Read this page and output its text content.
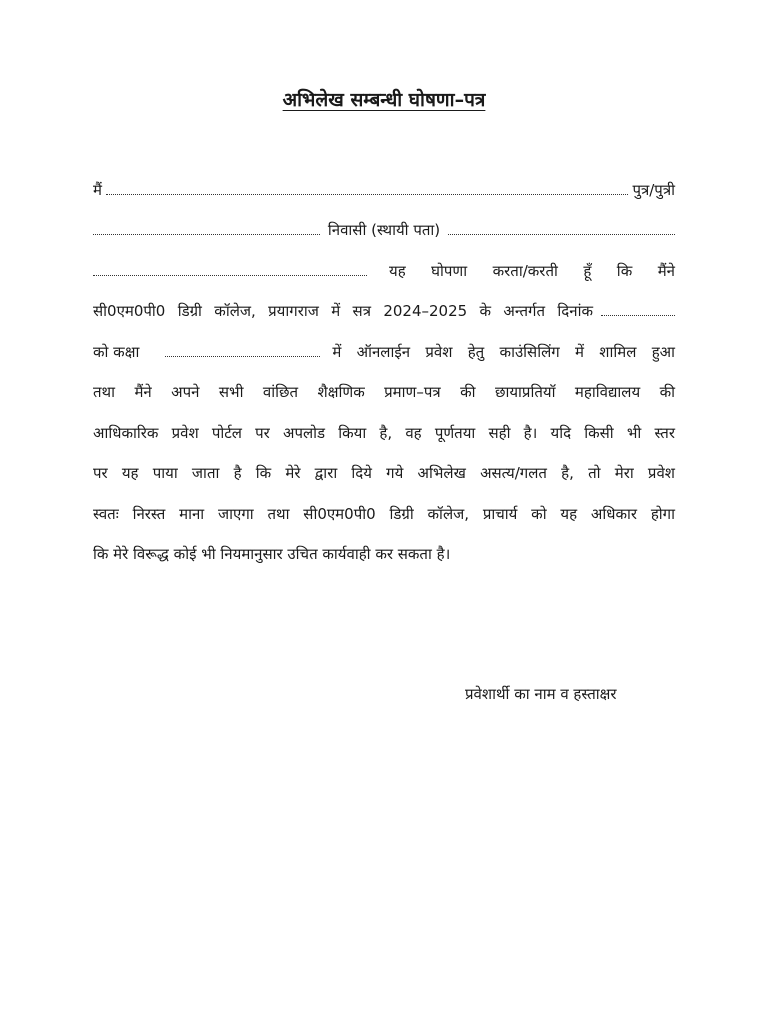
अभिलेख सम्बन्धी घोषणा–पत्र
मैं	पुत्र/पुत्री
निवासी (स्थायी पता)
यह घोपणा करता/करती हूँ कि मैंने
सी0एम0पी0 डिग्री कॉलेज, प्रयागराज में सत्र 2024–2025 के अन्तर्गत दिनांक
को कक्षा	में ऑनलाईन प्रवेश हेतु काउंसिलिंग में शामिल हुआ
तथा मैंने अपने सभी वांछित शैक्षणिक प्रमाण–पत्र की छायाप्रतियॉ महाविद्यालय की
आधिकारिक प्रवेश पोर्टल पर अपलोड किया है, वह पूर्णतया सही है। यदि किसी भी स्तर
पर यह पाया जाता है कि मेरे द्वारा दिये गये अभिलेख असत्य/गलत है, तो मेरा प्रवेश
स्वतः निरस्त माना जाएगा तथा सी0एम0पी0 डिग्री कॉलेज, प्राचार्य को यह अधिकार होगा
कि मेरे विरूद्ध कोई भी नियमानुसार उचित कार्यवाही कर सकता है।
प्रवेशार्थी का नाम व हस्ताक्षर
